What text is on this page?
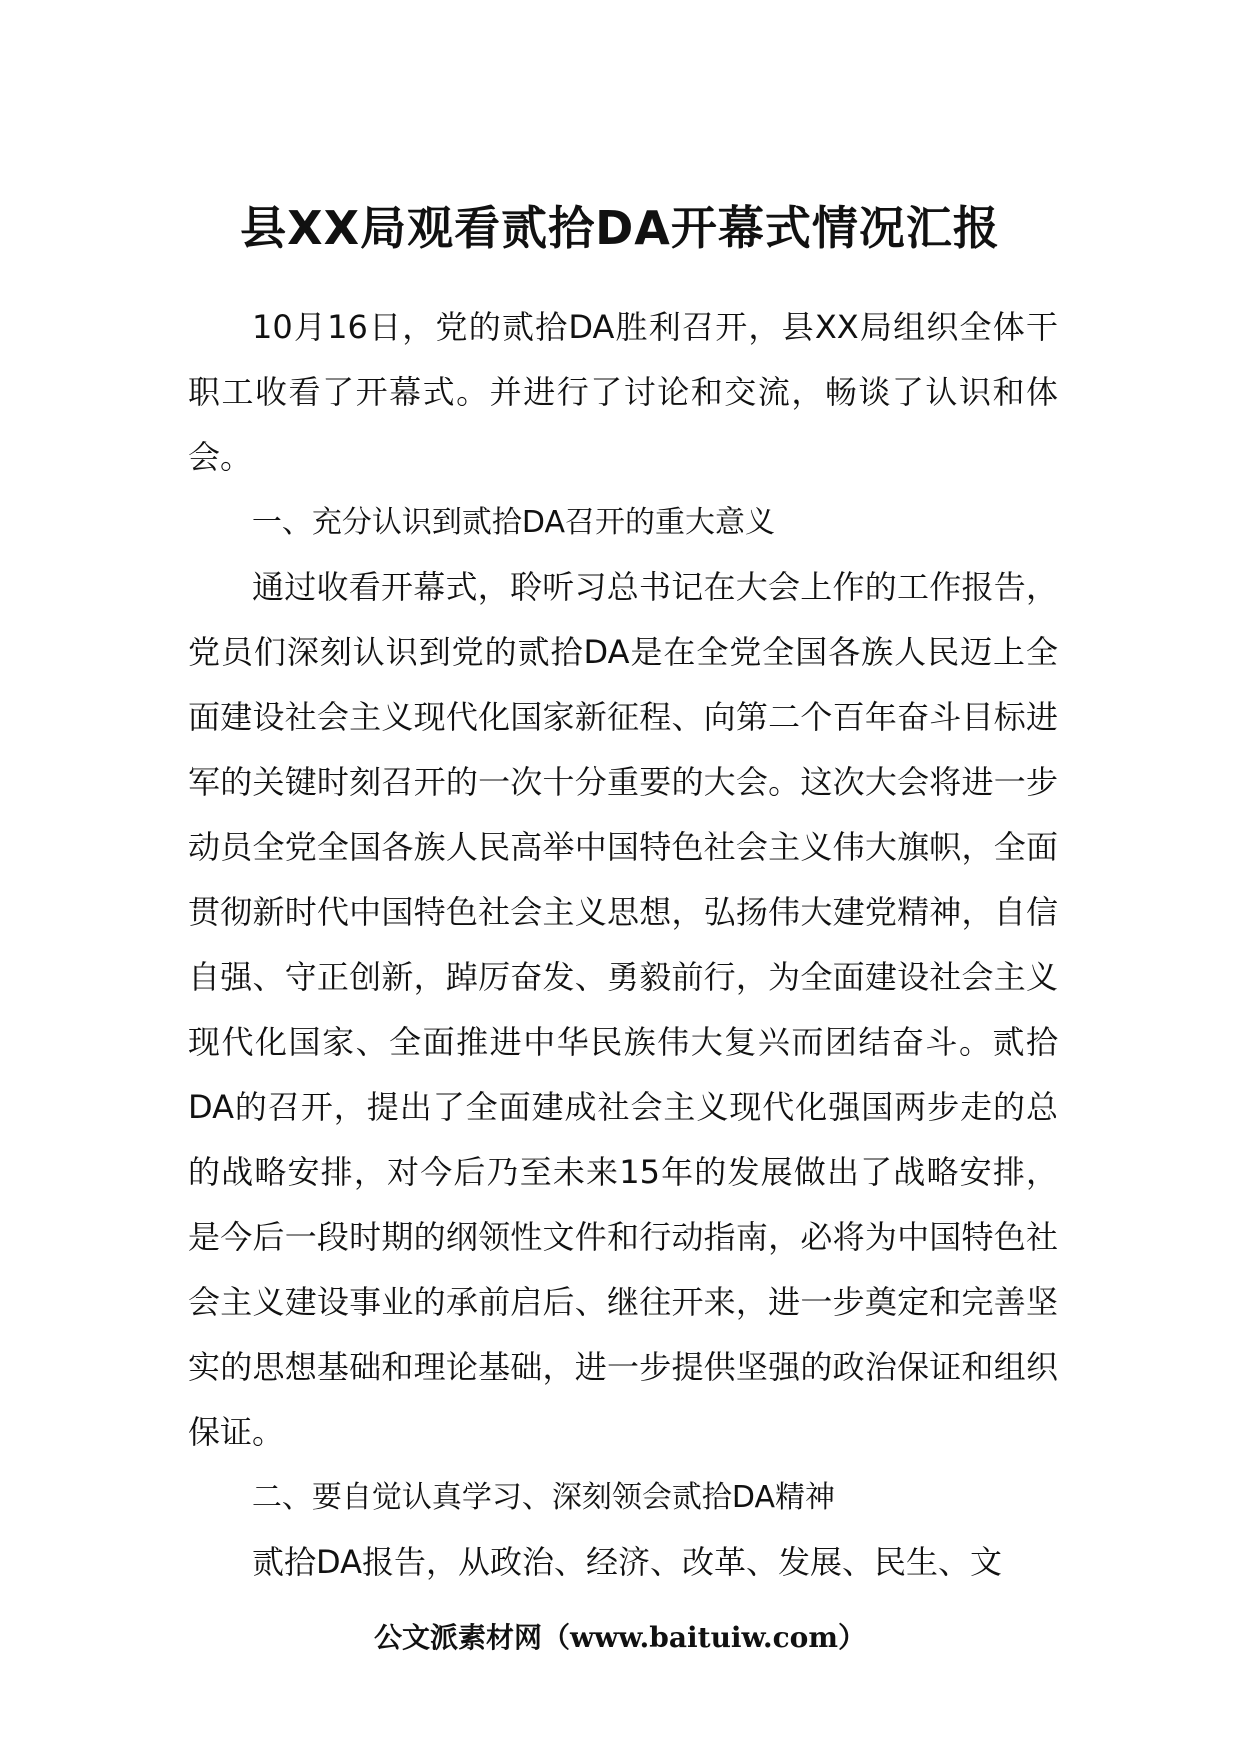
县XX局观看贰拾DA开幕式情况汇报

10月16日，党的贰拾DA胜利召开，县XX局组织全体干职工收看了开幕式。并进行了讨论和交流，畅谈了认识和体会。

一、充分认识到贰拾DA召开的重大意义

通过收看开幕式，聆听习总书记在大会上作的工作报告，党员们深刻认识到党的贰拾DA是在全党全国各族人民迈上全面建设社会主义现代化国家新征程、向第二个百年奋斗目标进军的关键时刻召开的一次十分重要的大会。这次大会将进一步动员全党全国各族人民高举中国特色社会主义伟大旗帜，全面贯彻新时代中国特色社会主义思想，弘扬伟大建党精神，自信自强、守正创新，踔厉奋发、勇毅前行，为全面建设社会主义现代化国家、全面推进中华民族伟大复兴而团结奋斗。贰拾DA的召开，提出了全面建成社会主义现代化强国两步走的总的战略安排，对今后乃至未来15年的发展做出了战略安排，是今后一段时期的纲领性文件和行动指南，必将为中国特色社会主义建设事业的承前启后、继往开来，进一步奠定和完善坚实的思想基础和理论基础，进一步提供坚强的政治保证和组织保证。

二、要自觉认真学习、深刻领会贰拾DA精神

贰拾DA报告，从政治、经济、改革、发展、民生、文

公文派素材网（www.baituiw.com）
